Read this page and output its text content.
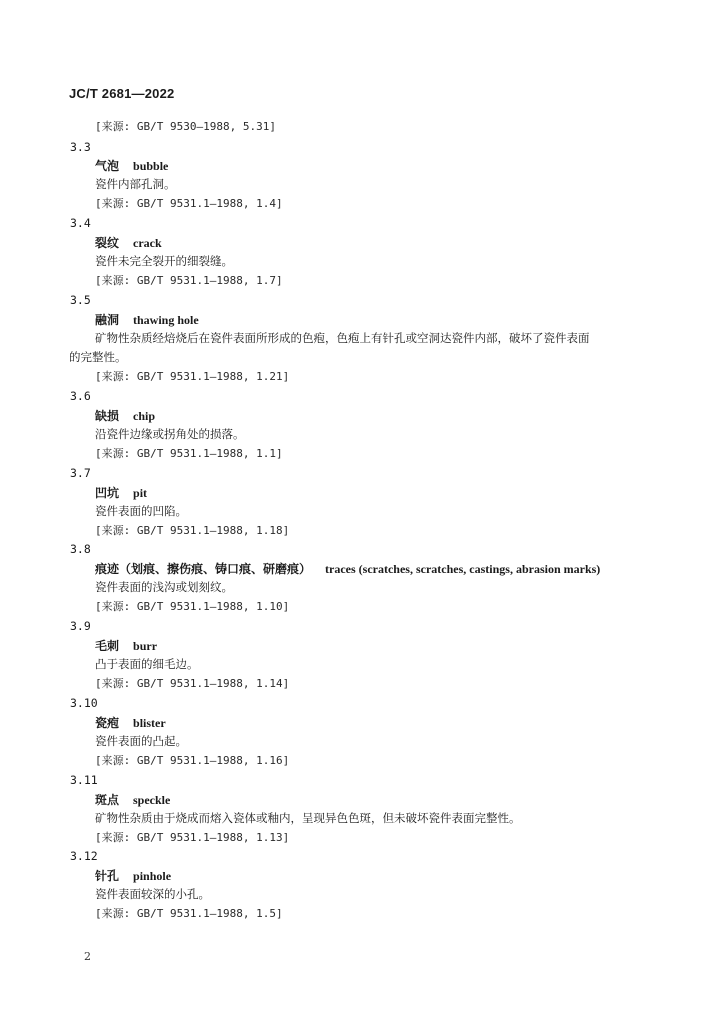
JC/T 2681—2022
[来源: GB/T 9530—1988, 5.31]
3.3
气泡 bubble
瓷件内部孔洞。
[来源: GB/T 9531.1—1988, 1.4]
3.4
裂纹 crack
瓷件未完全裂开的细裂缝。
[来源: GB/T 9531.1—1988, 1.7]
3.5
融洞 thawing hole
矿物性杂质经焙烧后在瓷件表面所形成的色疱，色疱上有针孔或空洞达瓷件内部，破坏了瓷件表面
的完整性。
[来源: GB/T 9531.1—1988, 1.21]
3.6
缺损 chip
沿瓷件边缘或拐角处的损落。
[来源: GB/T 9531.1—1988, 1.1]
3.7
凹坑 pit
瓷件表面的凹陷。
[来源: GB/T 9531.1—1988, 1.18]
3.8
痕迹（划痕、擦伤痕、铸口痕、研磨痕） traces (scratches, scratches, castings, abrasion marks)
瓷件表面的浅沟或划刻纹。
[来源: GB/T 9531.1—1988, 1.10]
3.9
毛刺 burr
凸于表面的细毛边。
[来源: GB/T 9531.1—1988, 1.14]
3.10
瓷疱 blister
瓷件表面的凸起。
[来源: GB/T 9531.1—1988, 1.16]
3.11
斑点 speckle
矿物性杂质由于烧成而熔入瓷体或釉内，呈现异色色斑，但未破坏瓷件表面完整性。
[来源: GB/T 9531.1—1988, 1.13]
3.12
针孔 pinhole
瓷件表面较深的小孔。
[来源: GB/T 9531.1—1988, 1.5]
2
